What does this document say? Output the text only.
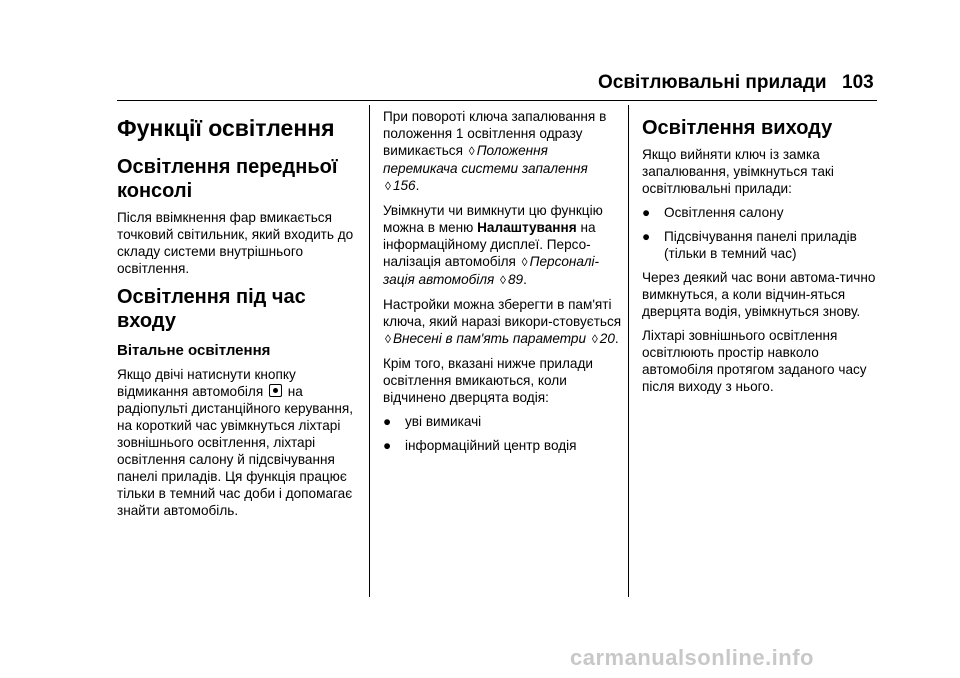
Освітлювальні прилади 103
Функції освітлення
Освітлення передньої консолі

Після ввімкнення фар вмикається точковий світильник, який входить до складу системи внутрішнього освітлення.

Освітлення під час входу
Вітальне освітлення

Якщо двічі натиснути кнопку відмикання автомобіля на радіопульті дистанційного керування, на короткий час увімкнуться ліхтарі зовнішнього освітлення, ліхтарі освітлення салону й підсвічування панелі приладів. Ця функція працює тільки в темний час доби і допомагає знайти автомобіль.

При повороті ключа запалювання в положення 1 освітлення одразу вимикається ◊ Положення перемикача системи запалення
◊ 156.

Увімкнути чи вимкнути цю функцію можна в меню Налаштування на інформаційному дисплеї. Персо-налізація автомобіля ◊ Персоналі-зація автомобіля ◊ 89.

Настройки можна зберегти в пам'яті ключа, який наразі викори-стовується ◊ Внесені в пам'ять параметри ◊ 20.

Крім того, вказані нижче прилади освітлення вмикаються, коли відчинено дверцята водія:

●	уві вимикачі
●	інформаційний центр водія
Освітлення виходу

Якщо вийняти ключ із замка запалювання, увімкнуться такі освітлювальні прилади:

●	Освітлення салону
●	Підсвічування панелі приладів (тільки в темний час)

Через деякий час вони автома-тично вимкнуться, а коли відчин-яться дверцята водія, увімкнуться знову.

Ліхтарі зовнішнього освітлення освітлюють простір навколо автомобіля протягом заданого часу після виходу з нього.

carmanualsonline.info
